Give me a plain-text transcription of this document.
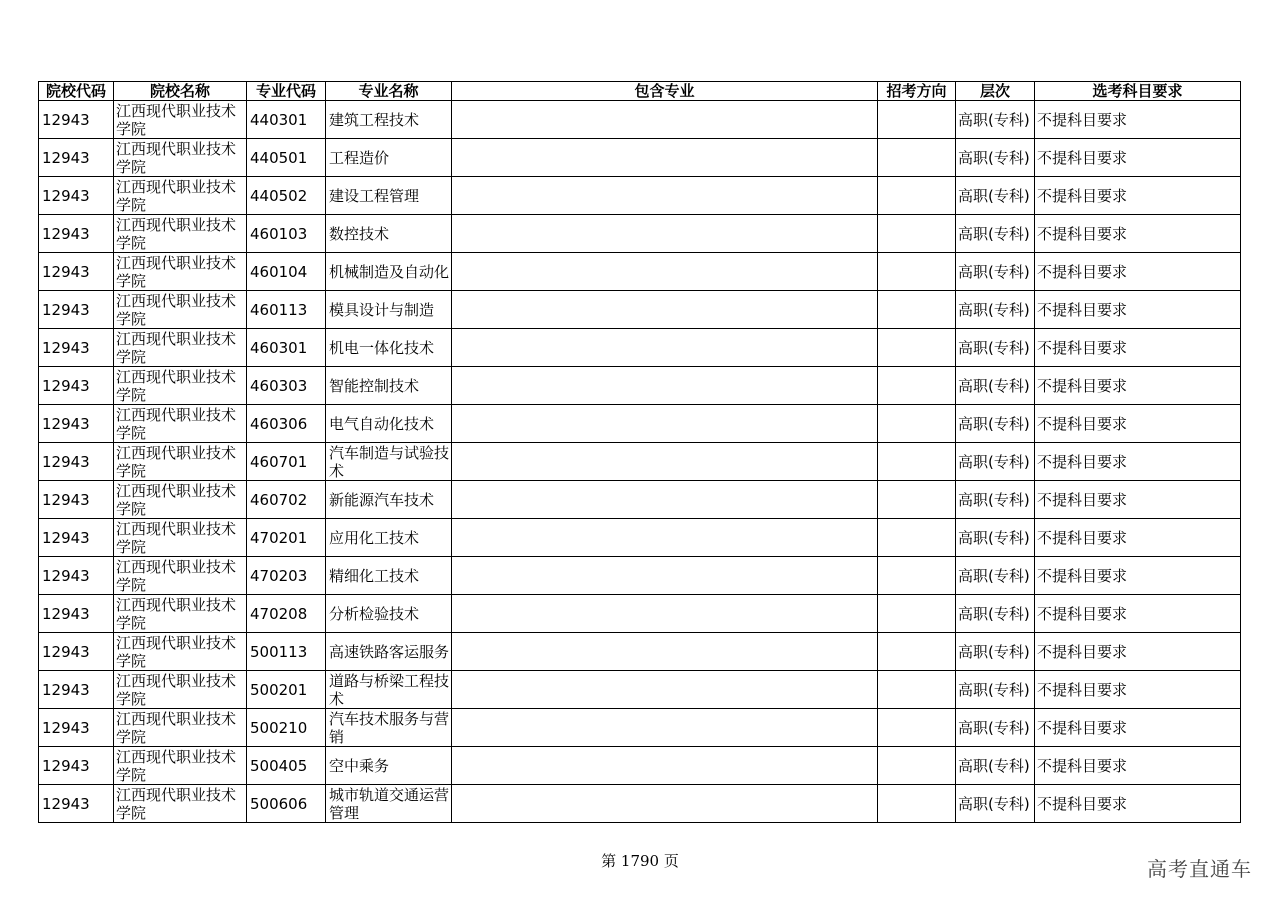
院校代码	院校名称	专业代码	专业名称	包含专业	招考方向	层次	选考科目要求
12943	江西现代职业技术学院	440301	建筑工程技术			高职(专科)	不提科目要求
12943	江西现代职业技术学院	440501	工程造价			高职(专科)	不提科目要求
12943	江西现代职业技术学院	440502	建设工程管理			高职(专科)	不提科目要求
12943	江西现代职业技术学院	460103	数控技术			高职(专科)	不提科目要求
12943	江西现代职业技术学院	460104	机械制造及自动化			高职(专科)	不提科目要求
12943	江西现代职业技术学院	460113	模具设计与制造			高职(专科)	不提科目要求
12943	江西现代职业技术学院	460301	机电一体化技术			高职(专科)	不提科目要求
12943	江西现代职业技术学院	460303	智能控制技术			高职(专科)	不提科目要求
12943	江西现代职业技术学院	460306	电气自动化技术			高职(专科)	不提科目要求
12943	江西现代职业技术学院	460701	汽车制造与试验技术			高职(专科)	不提科目要求
12943	江西现代职业技术学院	460702	新能源汽车技术			高职(专科)	不提科目要求
12943	江西现代职业技术学院	470201	应用化工技术			高职(专科)	不提科目要求
12943	江西现代职业技术学院	470203	精细化工技术			高职(专科)	不提科目要求
12943	江西现代职业技术学院	470208	分析检验技术			高职(专科)	不提科目要求
12943	江西现代职业技术学院	500113	高速铁路客运服务			高职(专科)	不提科目要求
12943	江西现代职业技术学院	500201	道路与桥梁工程技术			高职(专科)	不提科目要求
12943	江西现代职业技术学院	500210	汽车技术服务与营销			高职(专科)	不提科目要求
12943	江西现代职业技术学院	500405	空中乘务			高职(专科)	不提科目要求
12943	江西现代职业技术学院	500606	城市轨道交通运营管理			高职(专科)	不提科目要求
第 1790 页	高考直通车
